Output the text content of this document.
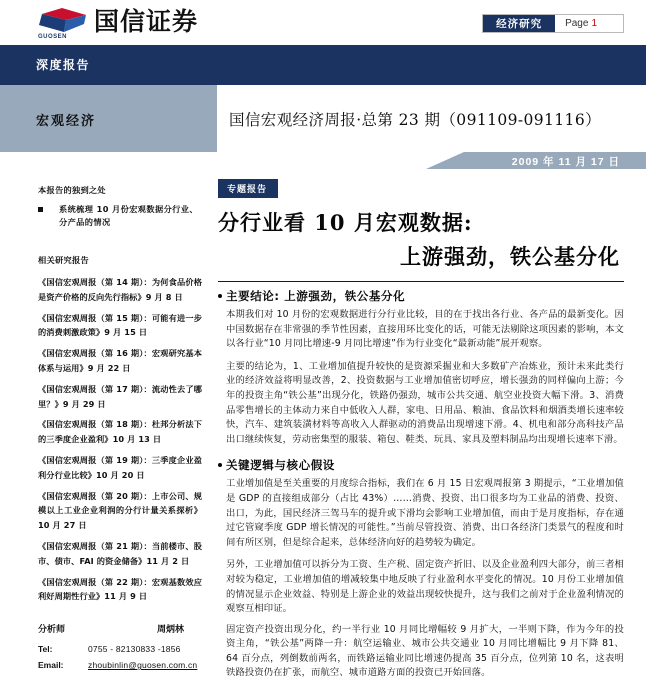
GUOSEN
国信证券	经济研究	Page 1
深度报告
宏观经济	国信宏观经济周报·总第 23 期（091109-091116）
2009 年 11 月 17 日
本报告的独到之处
系统梳理 10 月份宏观数据分行业、分产品的情况
相关研究报告
《国信宏观周报（第 14 期）：为何食品价格是资产价格的反向先行指标》9 月 8 日
《国信宏观周报（第 15 期）：可能有进一步的消费刺激政策》9 月 15 日
《国信宏观周报（第 16 期）：宏观研究基本体系与运用》9 月 22 日
《国信宏观周报（第 17 期）：流动性去了哪里？》9 月 29 日
《国信宏观周报（第 18 期）：杜邦分析法下的三季度企业盈利》10 月 13 日
《国信宏观周报（第 19 期）：三季度企业盈利分行业比较》10 月 20 日
《国信宏观周报（第 20 期）：上市公司、规模以上工业企业利润的分行计量关系探析》10 月 27 日
《国信宏观周报（第 21 期）：当前楼市、股市、债市、FAI 的资金储备》11 月 2 日
《国信宏观周报（第 22 期）：宏观基数效应利好周期性行业》11 月 9 日
分析师	周炳林
Tel:	0755 - 82130833 -1856
Email:	zhoubinlin@guosen.com.cn
专题报告
分行业看 10 月宏观数据:
上游强劲，铁公基分化
主要结论: 上游强劲，铁公基分化

本期我们对 10 月份的宏观数据进行分行业比较，目的在于找出各行业、各产品的最新变化。因中国数据存在非常强的季节性因素，直接用环比变化的话，可能无法剔除这项因素的影响，本文以各行业“10 月同比增速-9 月同比增速”作为行业变化“最新动能”展开观察。

主要的结论为，1、工业增加值提升较快的是资源采掘业和大多数矿产冶炼业，预计未来此类行业的经济效益将明显改善，2、投资数据与工业增加值密切呼应，增长强劲的同样偏向上游；今年的投资主角“铁公基”出现分化，铁路仍强劲，城市公共交通、航空业投资大幅下滑。3、消费品零售增长的主体动力来自中低收入人群，家电、日用品、粮油、食品饮料和烟酒类增长速率较快，汽车、建筑装潢材料等高收入人群驱动的消费品出现增速下滑。4、机电和部分高科技产品出口继续恢复，劳动密集型的服装、箱包、鞋类、玩具、家具及塑料制品均出现增长速率下滑。

关键逻辑与核心假设

工业增加值是至关重要的月度综合指标，我们在 6 月 15 日宏观周报第 3 期提示，“工业增加值是 GDP 的直接组成部分（占比 43%）……消费、投资、出口很多均为工业品的消费、投资、出口，为此，国民经济三驾马车的提升或下滑均会影响工业增加值，而由于是月度指标，存在通过它管窥季度 GDP 增长情况的可能性。”当前尽管投资、消费、出口各经济门类景气的程度和时间有所区别，但是综合起来，总体经济向好的趋势较为确定。

另外，工业增加值可以拆分为工资、生产税、固定资产折旧、以及企业盈利四大部分，前三者相对较为稳定，工业增加值的增减较集中地反映了行业盈利水平变化的情况。10 月份工业增加值的情况显示企业效益、特别是上游企业的效益出现较快提升，这与我们之前对于企业盈利情况的观察互相印证。

固定资产投资出现分化，约一半行业 10 月同比增幅较 9 月扩大，一半则下降，作为今年的投资主角，“铁公基”两降一升：航空运输业、城市公共交通业 10 月同比增幅比 9 月下降 81、64 百分点，列倒数前两名，而铁路运输业同比增速仍提高 35 百分点，位列第 10 名，这表明铁路投资仍在扩张，而航空、城市道路方面的投资已开始回落。
